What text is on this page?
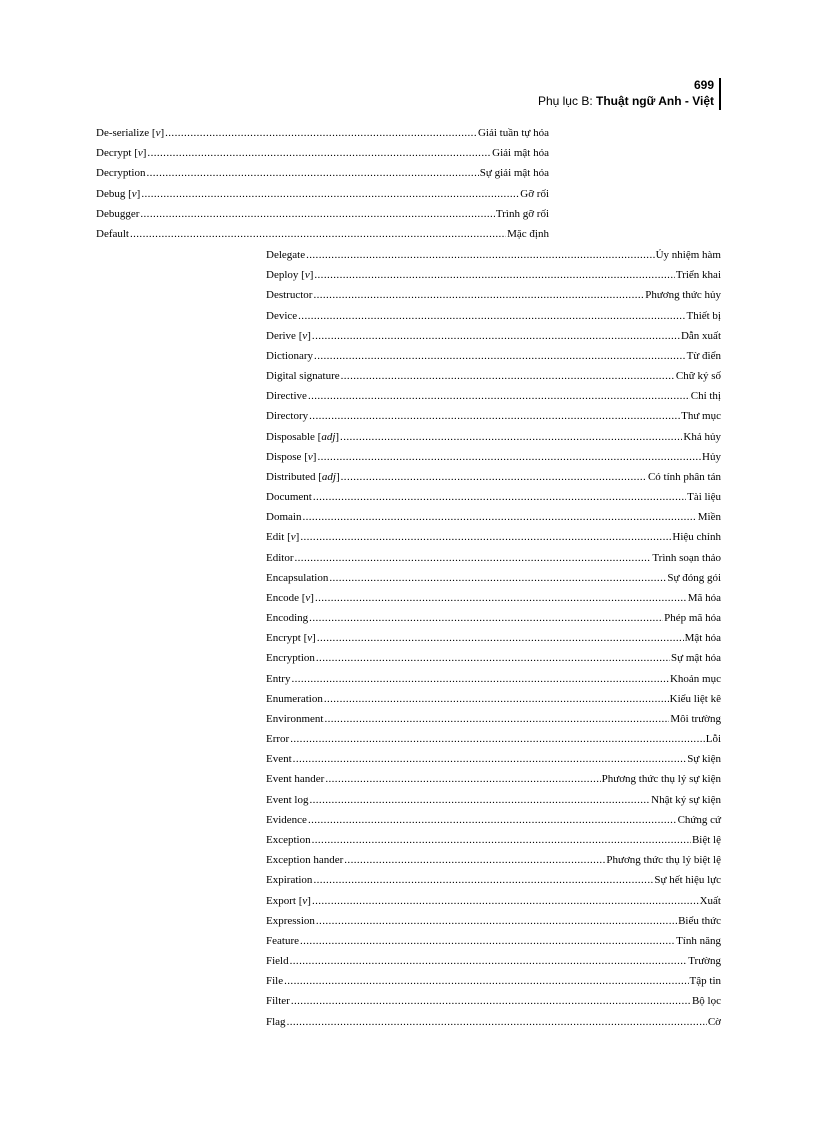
699
Phụ lục B: Thuật ngữ Anh - Việt
De-serialize [v] .....	Giải tuần tự hóa
Decrypt [v] .....	Giải mật hóa
Decryption .....	Sự giải mật hóa
Debug [v] .....	Gỡ rối
Debugger .....	Trình gỡ rối
Default .....	Mặc định
Delegate .....	Ủy nhiệm hàm
Deploy [v] .....	Triển khai
Destructor .....	Phương thức hủy
Device .....	Thiết bị
Derive [v] .....	Dẫn xuất
Dictionary .....	Từ điển
Digital signature .....	Chữ ký số
Directive .....	Chỉ thị
Directory .....	Thư mục
Disposable [adj] .....	Khả hủy
Dispose [v] .....	Hủy
Distributed [adj] .....	Có tính phân tán
Document .....	Tài liệu
Domain .....	Miền
Edit [v] .....	Hiệu chỉnh
Editor .....	Trình soạn thảo
Encapsulation .....	Sự đóng gói
Encode [v] .....	Mã hóa
Encoding .....	Phép mã hóa
Encrypt [v] .....	Mật hóa
Encryption .....	Sự mật hóa
Entry .....	Khoản mục
Enumeration .....	Kiểu liệt kê
Environment .....	Môi trường
Error .....	Lỗi
Event .....	Sự kiện
Event hander .....	Phương thức thụ lý sự kiện
Event log .....	Nhật ký sự kiện
Evidence .....	Chứng cứ
Exception .....	Biệt lệ
Exception hander .....	Phương thức thụ lý biệt lệ
Expiration .....	Sự hết hiệu lực
Export [v] .....	Xuất
Expression .....	Biểu thức
Feature .....	Tính năng
Field .....	Trường
File .....	Tập tin
Filter .....	Bộ lọc
Flag .....	Cờ
